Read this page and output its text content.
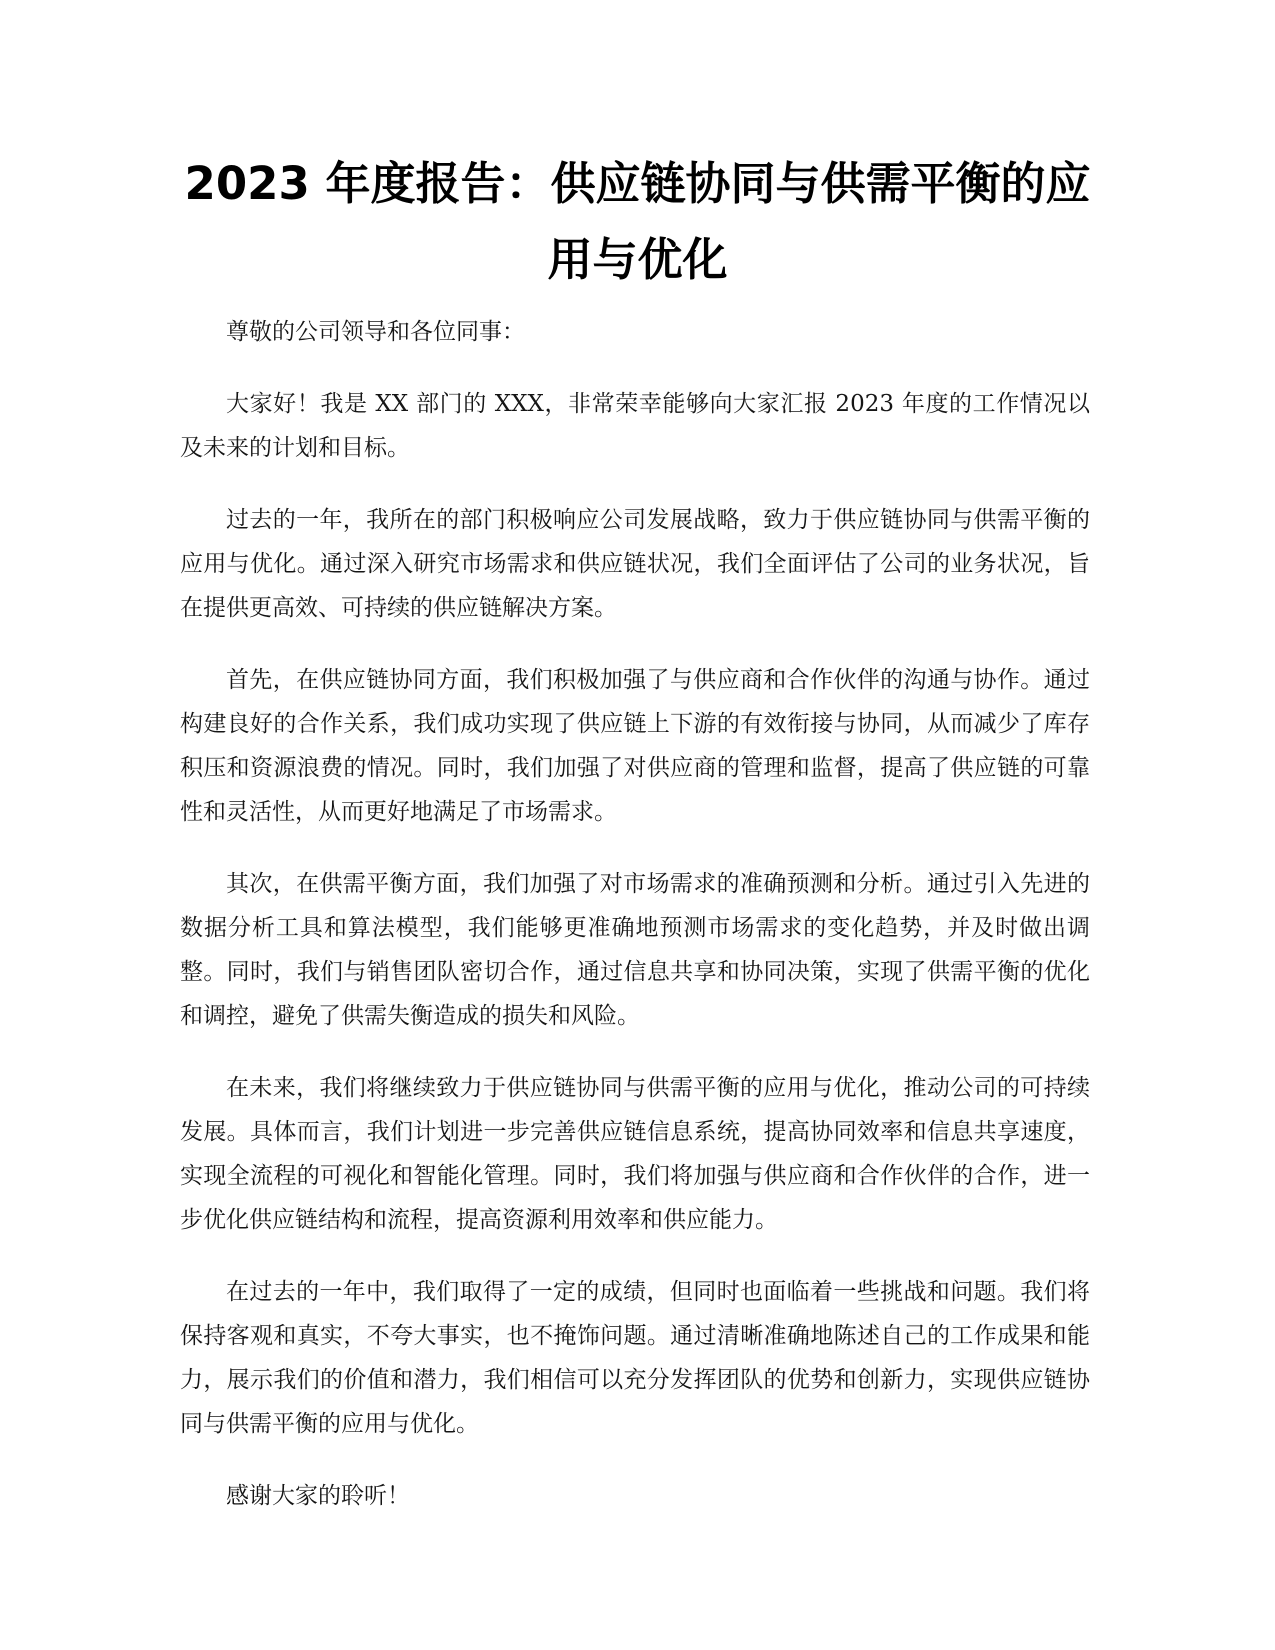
2023 年度报告：供应链协同与供需平衡的应用与优化

尊敬的公司领导和各位同事：

大家好！我是 XX 部门的 XXX，非常荣幸能够向大家汇报 2023 年度的工作情况以及未来的计划和目标。

过去的一年，我所在的部门积极响应公司发展战略，致力于供应链协同与供需平衡的应用与优化。通过深入研究市场需求和供应链状况，我们全面评估了公司的业务状况，旨在提供更高效、可持续的供应链解决方案。

首先，在供应链协同方面，我们积极加强了与供应商和合作伙伴的沟通与协作。通过构建良好的合作关系，我们成功实现了供应链上下游的有效衔接与协同，从而减少了库存积压和资源浪费的情况。同时，我们加强了对供应商的管理和监督，提高了供应链的可靠性和灵活性，从而更好地满足了市场需求。

其次，在供需平衡方面，我们加强了对市场需求的准确预测和分析。通过引入先进的数据分析工具和算法模型，我们能够更准确地预测市场需求的变化趋势，并及时做出调整。同时，我们与销售团队密切合作，通过信息共享和协同决策，实现了供需平衡的优化和调控，避免了供需失衡造成的损失和风险。

在未来，我们将继续致力于供应链协同与供需平衡的应用与优化，推动公司的可持续发展。具体而言，我们计划进一步完善供应链信息系统，提高协同效率和信息共享速度，实现全流程的可视化和智能化管理。同时，我们将加强与供应商和合作伙伴的合作，进一步优化供应链结构和流程，提高资源利用效率和供应能力。

在过去的一年中，我们取得了一定的成绩，但同时也面临着一些挑战和问题。我们将保持客观和真实，不夸大事实，也不掩饰问题。通过清晰准确地陈述自己的工作成果和能力，展示我们的价值和潜力，我们相信可以充分发挥团队的优势和创新力，实现供应链协同与供需平衡的应用与优化。

感谢大家的聆听！
